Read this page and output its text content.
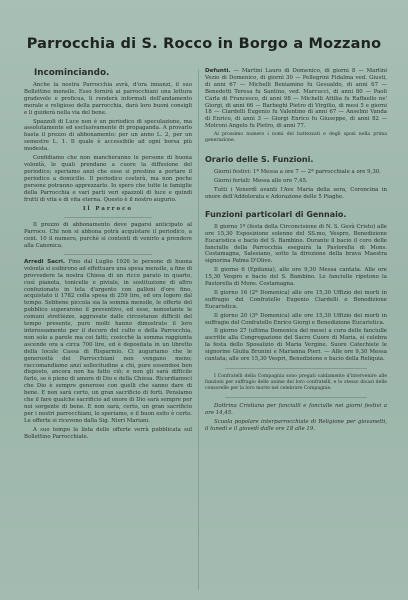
Parrocchia di S. Rocco in Borgo a Mozzano
Incominciando.

Anche la nostra Parrocchia avrà, d'ora innanzi, il suo Bollettino mensile. Esso fornirà ai parrocchiani una lettura gradevole e proficua, li renderà informati dell'andamento morale e religioso della parrocchia, darà loro buoni consigli e li guiderà nella via del bene.

Spazzoli di Luce non è un periodico di speculazione, ma assolutamente ed esclusivamente di propaganda. A provarlo basta il prezzo di abbonamento: per un anno L. 2, per un semestre L. 1. Il quale è accessibile ad ogni borsa più modesta.

Confidiamo che non mancheranno le persone di buona volontà, le quali prendano a cuore la diffusione del periodico; speriamo anzi che esse si prestino a portare il periodico a domicilio. Il periodico costerà, ma non poche persone potranno apprezzarlo. Io spero che tutte le famiglie della Parrocchia e vari parti veri spazzoli di luce e quindi frutti di vita e di vita eterna. Questo è il nostro augurio.

Il Parroco

Il prezzo di abbonamento deve pagarsi anticipato al Parroco. Chi non si abbona potrà acquistare il periodico, a cent. 10 il numero, purchè si contenti di venirlo a prendere alla Canonica.

Arredi Sacri. Fino dal Luglio 1926 le persone di buona volontà si esibirono ad effettuare una spesa mensile, a fine di provvedere la nostra Chiesa di un ricco parato in quarto, così pianeta, tonicelle e piviale, in sostituzione di altro confezionato in tela d'argento con galloni d'oro fino, acquistato il 1782 colla spesa di 259 lire, ed ora logoro dal tempo. Sebbene piccola sia la somma mensile, le offerte del pubblico superarono il preventivo, ed esse, nonostante le comuni strettezze, aggravate dalle circostanze difficili del tempo presente, pure molti hanno dimostrato il loro interessamento per il decoro del culto e della Parrocchia, non solo a parole ma coi fatti; cosicchè la somma raggiunta ascende ora a circa 700 lire, ed è depositata in un libretto della locale Cassa di Risparmio. Ci auguriamo che le generosità dei Parrocchiani non vengano meno; raccomandiamo anzi sollecitudine a chi, pure essendosi ben disposto, ancora non ha fatto ciò; e non gli sarà difficile farlo, se è pieno di amore di Dio e della Chiesa. Ricordiamoci che Dio è sempre generoso con quelli che sanno dare di bene. E non sarà certo, un gran sacrificio di forti. Pensiamo che il fare qualche sacrificio ad onore di Dio sarà sempre per noi sorgente di bene. E non sarà, certo, un gran sacrificio per i nostri parrocchiani, lo speriamo, e il buon esito è certo. Le offerte si ricevono dalla Sig. Nieri Mariani.

A suo tempo la lista delle offerte verrà pubblicata sul Bollettino Parrocchiale.

Defunti. — Martini Lauro di Domenico, di giorni 8 — Martini Vezio di Domenico, di giorni 30 — Pellegrini Fidalma ved. Giusti, di anni 67 — Michelli Beniamino fu Gesualdo, di anni 67 — Benedetti Teresa fu Santino, ved. Marcucci, di anni 80 — Paoli Carla di Francesco, di anni 98 — Michelli Attilia fu Raffaello ne' Giorgi, di anni 66 — Barbeghi Pietro di Virgilio, di mesi 5 e giorni 18 — Ciardelli Eugenio fu Valentino di anni 67 — Anselmi Vanda di Enrico, di anni 3 — Giorgi Enrico fu Giuseppe, di anni 82 — Motroni Angelo fu Pietro, di anni 77.

Al prossimo numero i nomi dei battezzati e degli sposi nella prima generazione.

Orario delle S. Funzioni.

Giorni festivi: 1ª Messa a ore 7 — 2ª parrocchiale a ore 9,30.

Giorni feriali: Messa alle ore 7,45.

Tutti i Venerdì avanti l'Ave Maria della sera, Coroncina in onore dell'Addolorata e Adorazione delle 5 Piaghe.

Funzioni particolari di Gennaio.

Il giorno 1ª (festa della Circoncisione di N. S. Gesù Cristo) alle ore 15,30 Esposizione solenne del SS.mo, Vespro, Benedizione Eucaristica e bacio del S. Bambino. Durante il bacio il coro delle fanciulle della Parrocchia eseguirà la Pastorella di Mons. Costamagna, Salesiano, sotto la direzione della brava Maestra signorina Palma D'Olivo.

Il giorno 6 (Epifania), alle ore 9,30 Messa cantata. Alle ore 15,30 Vespro e bacio del S. Bambino. Le fanciulle ripetono la Pastorella di Mons. Costamagna.

Il giorno 16 (2ª Domenica) alle ore 15,30 Uffizio dei morti in suffragio del Confratello Eugenio Ciardelli e Benedizione Eucaristica.

Il giorno 20 (3ª Domenica) alle ore 15,30 Uffizio dei morti in suffragio del Confratello Enrico Giorgi e Benedizione Eucaristica.

Il giorno 27 (ultima Domenica del mese) a cura delle fanciulle ascritte alla Congregazione del Sacro Cuore di Maria, si celebra la festa dello Sposalizio di Maria Vergine. Suore Catechiste le signorine Giulia Brunini e Marianna Pieri. — Alle ore 9,30 Messa cantata; alle ore 15,30 Vespri, Benedizione e bacio della Reliquia.

I Confratelli della Compagnia sono pregati caldamente d'intervenire alle funzioni per suffragio delle anime dei loro confratelli, e lo stesso dicasi delle consorelle per la loro morte nel celebrare Compagnie.

Dottrina Cristiana per fanciulli e fanciulle nei giorni festivi a ore 14,45.

Scuola popolare interparrocchiale di Religione per giovanetti, il lunedì e il giovedì dalle ore 18 alle 19.
